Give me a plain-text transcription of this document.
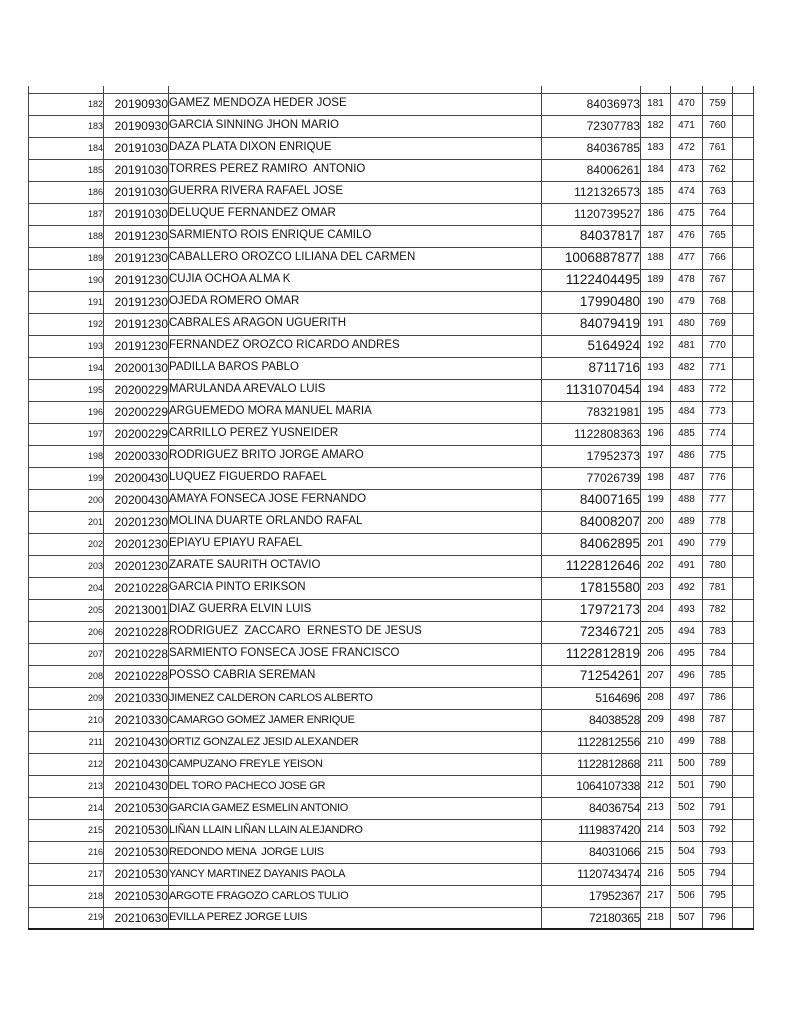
182	20190930	GAMEZ MENDOZA HEDER JOSE	84036973	181	470	759	
183	20190930	GARCIA SINNING JHON MARIO	72307783	182	471	760	
184	20191030	DAZA PLATA DIXON ENRIQUE	84036785	183	472	761	
185	20191030	TORRES PEREZ RAMIRO  ANTONIO	84006261	184	473	762	
186	20191030	GUERRA RIVERA RAFAEL JOSE	1121326573	185	474	763	
187	20191030	DELUQUE FERNANDEZ OMAR	1120739527	186	475	764	
188	20191230	SARMIENTO ROIS ENRIQUE CAMILO	84037817	187	476	765	
189	20191230	CABALLERO OROZCO LILIANA DEL CARMEN	1006887877	188	477	766	
190	20191230	CUJIA OCHOA ALMA K	1122404495	189	478	767	
191	20191230	OJEDA ROMERO OMAR	17990480	190	479	768	
192	20191230	CABRALES ARAGON UGUERITH	84079419	191	480	769	
193	20191230	FERNANDEZ OROZCO RICARDO ANDRES	5164924	192	481	770	
194	20200130	PADILLA BAROS PABLO	8711716	193	482	771	
195	20200229	MARULANDA AREVALO LUIS	1131070454	194	483	772	
196	20200229	ARGUEMEDO MORA MANUEL MARIA	78321981	195	484	773	
197	20200229	CARRILLO PEREZ YUSNEIDER	1122808363	196	485	774	
198	20200330	RODRIGUEZ BRITO JORGE AMARO	17952373	197	486	775	
199	20200430	LUQUEZ FIGUERDO RAFAEL	77026739	198	487	776	
200	20200430	AMAYA FONSECA JOSE FERNANDO	84007165	199	488	777	
201	20201230	MOLINA DUARTE ORLANDO RAFAL	84008207	200	489	778	
202	20201230	EPIAYU EPIAYU RAFAEL	84062895	201	490	779	
203	20201230	ZARATE SAURITH OCTAVIO	1122812646	202	491	780	
204	20210228	GARCIA PINTO ERIKSON	17815580	203	492	781	
205	20213001	DIAZ GUERRA ELVIN LUIS	17972173	204	493	782	
206	20210228	RODRIGUEZ  ZACCARO  ERNESTO DE JESUS	72346721	205	494	783	
207	20210228	SARMIENTO FONSECA JOSE FRANCISCO	1122812819	206	495	784	
208	20210228	POSSO CABRIA SEREMAN	71254261	207	496	785	
209	20210330	JIMENEZ CALDERON CARLOS ALBERTO	5164696	208	497	786	
210	20210330	CAMARGO GOMEZ JAMER ENRIQUE	84038528	209	498	787	
211	20210430	ORTIZ GONZALEZ JESID ALEXANDER	1122812556	210	499	788	
212	20210430	CAMPUZANO FREYLE YEISON	1122812868	211	500	789	
213	20210430	DEL TORO PACHECO JOSE GR	1064107338	212	501	790	
214	20210530	GARCIA GAMEZ ESMELIN ANTONIO	84036754	213	502	791	
215	20210530	LIÑAN LLAIN LIÑAN LLAIN ALEJANDRO	1119837420	214	503	792	
216	20210530	REDONDO MENA  JORGE LUIS	84031066	215	504	793	
217	20210530	YANCY MARTINEZ DAYANIS PAOLA	1120743474	216	505	794	
218	20210530	ARGOTE FRAGOZO CARLOS TULIO	17952367	217	506	795	
219	20210630	EVILLA PEREZ JORGE LUIS	72180365	218	507	796	
